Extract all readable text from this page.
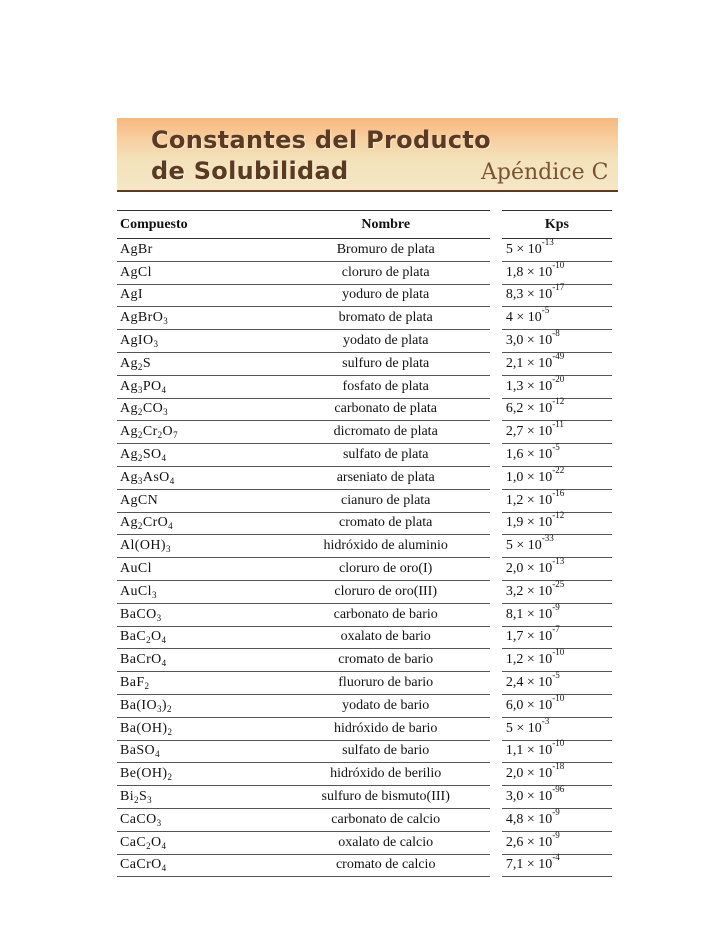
Constantes del Producto
de Solubilidad	Apéndice C
Compuesto	Nombre		Kps
AgBr	Bromuro de plata		5 × 10-13
AgCl	cloruro de plata		1,8 × 10-10
AgI	yoduro de plata		8,3 × 10-17
AgBrO$_3$	bromato de plata		4 × 10-5
AgIO$_3$	yodato de plata		3,0 × 10-8
$Ag_2S$	sulfuro de plata		2,1 × 10-49
$Ag_3PO_4$	fosfato de plata		1,3 × 10-20
$Ag_2CO_3$	carbonato de plata		6,2 × 10-12
$Ag_2Cr_2O_7$	dicromato de plata		2,7 × 10-11
$Ag_2SO_4$	sulfato de plata		1,6 × 10-5
$Ag_3AsO_4$	arseniato de plata		1,0 × 10-22
AgCN	cianuro de plata		1,2 × 10-16
$Ag_2CrO_4$	cromato de plata		1,9 × 10-12
$Al(OH)_3$	hidróxido de aluminio		5 × 10-33
AuCl	cloruro de oro(I)		2,0 × 10-13
AuCl$_3$	cloruro de oro(III)		3,2 × 10-25
BaCO$_3$	carbonato de bario		8,1 × 10-9
$BaC_2O_4$	oxalato de bario		1,7 × 10-7
BaCrO$_4$	cromato de bario		1,2 × 10-10
BaF$_2$	fluoruro de bario		2,4 × 10-5
$Ba(IO_3)_2$	yodato de bario		6,0 × 10-10
$Ba(OH)_2$	hidróxido de bario		5 × 10-3
BaSO$_4$	sulfato de bario		1,1 × 10-10
$Be(OH)_2$	hidróxido de berilio		2,0 × 10-18
$Bi_2S_3$	sulfuro de bismuto(III)		3,0 × 10-96
CaCO$_3$	carbonato de calcio		4,8 × 10-9
$CaC_2O_4$	oxalato de calcio		2,6 × 10-9
CaCrO$_4$	cromato de calcio		7,1 × 10-4
